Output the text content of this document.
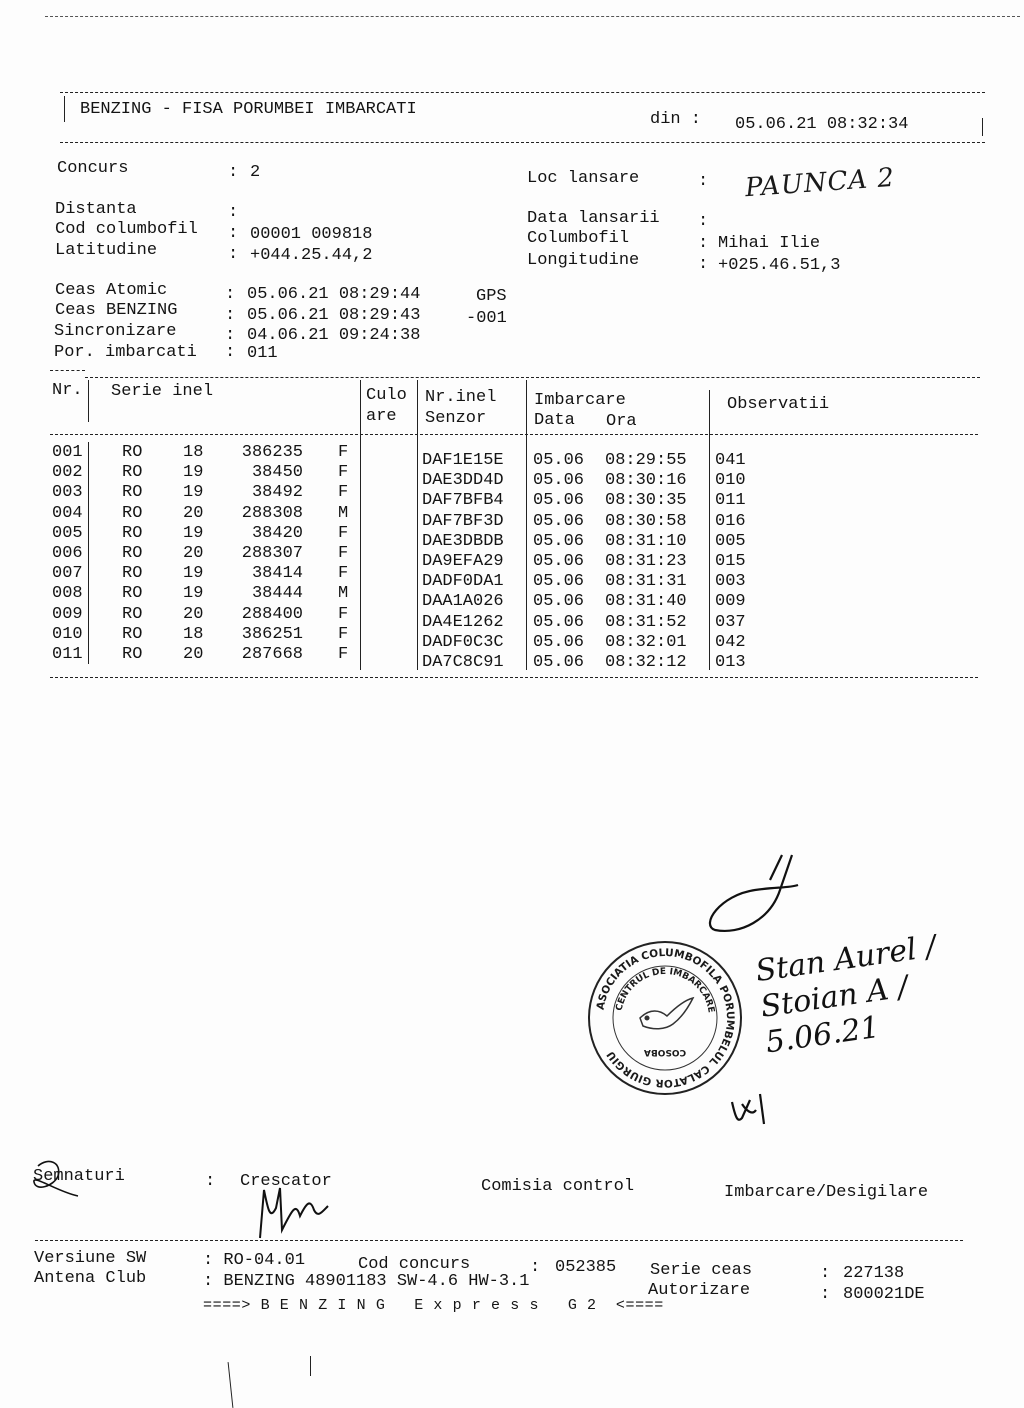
BENZING - FISA PORUMBEI IMBARCATI
din : 05.06.21 08:32:34
Concurs	: 2
Distanta	:
Cod columbofil : 00001 009818
Latitudine	: +044.25.44,2
Loc lansare	: PAUNCA 2
Data lansarii :
Columbofil	: Mihai Ilie
Longitudine	: +025.46.51,3
Ceas Atomic	: 05.06.21 08:29:44	GPS
Ceas BENZING	: 05.06.21 08:29:43	-001
Sincronizare	: 04.06.21 09:24:38
Por. imbarcati : 011
Nr. Serie inel	Culo
are
Nr.inel
Senzor
Imbarcare
Data Ora
Observatii
001 RO 18	386235 F	DAF1E15E 05.06 08:29:55 041
002 RO 19	38450 F	DAE3DD4D 05.06 08:30:16 010
003 RO 19	38492 F	DAF7BFB4 05.06 08:30:35 011
004 RO 20	288308 M	DAF7BF3D 05.06 08:30:58 016
005 RO 19	38420 F	DAE3DBDB 05.06 08:31:10 005
006 RO 20	288307 F	DA9EFA29 05.06 08:31:23 015
007 RO 19	38414 F	DADF0DA1 05.06 08:31:31 003
008 RO 19	38444 M	DAA1A026 05.06 08:31:40 009
009 RO 20	288400 F	DA4E1262 05.06 08:31:52 037
010 RO 18	386251 F	DADF0C3C 05.06 08:32:01 042
011 RO 20	287668 F	DA7C8C91 05.06 08:32:12 013
ASOCIATIA COLUMBOFILA PORUMBELUL CALATOR GIURGIU
CENTRUL DE IMBARCARE NR. 1
COSOBA
Stan Aurel / Stoian A / 5.06.21
Semnaturi	: Crescator	Comisia control	Imbarcare/Desigilare
Versiune SW
Antena Club
: RO-04.01	Cod concurs	: 052385 Serie ceas	: 227138
: BENZING 48901183 SW-4.6 HW-3.1	Autorizare	: 800021DE
====> B E N Z I N G   E x p r e s s   G 2  <====
